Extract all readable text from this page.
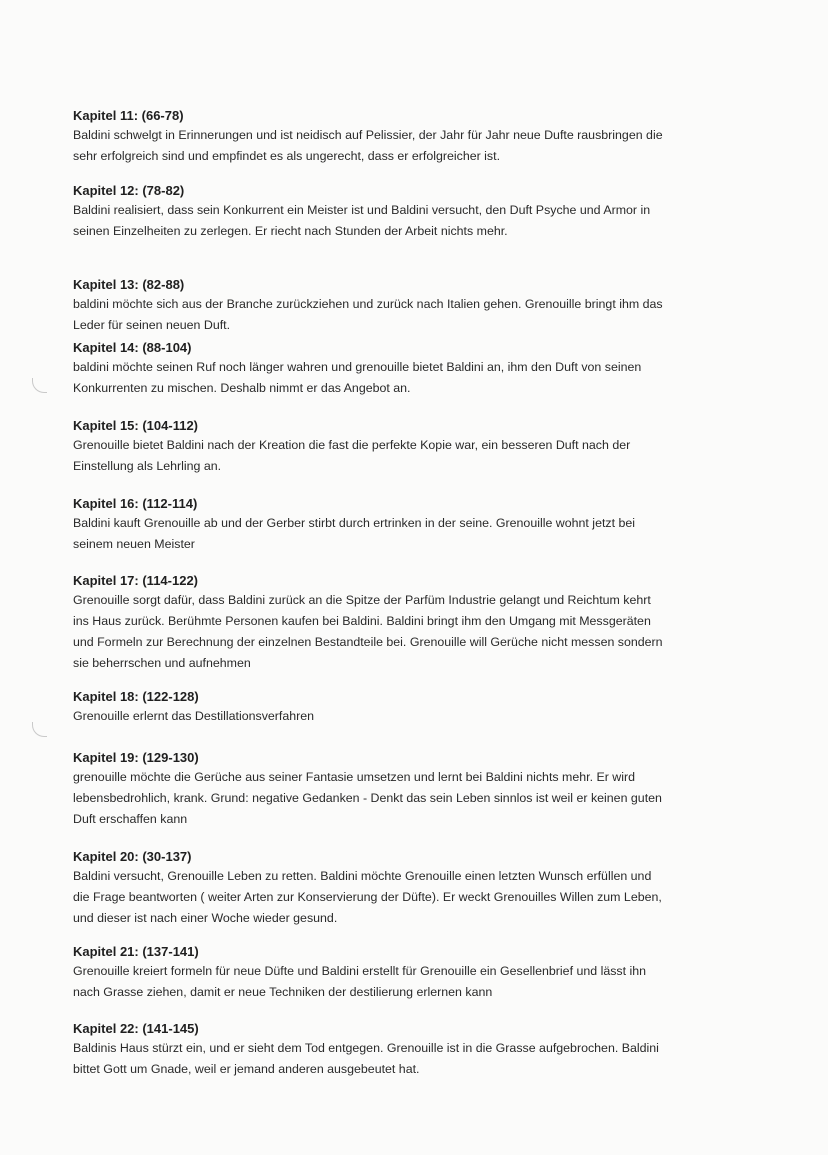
Kapitel 11: (66-78)
Baldini schwelgt in Erinnerungen und ist neidisch auf Pelissier, der Jahr für Jahr neue Dufte rausbringen die
sehr erfolgreich sind und empfindet es als ungerecht, dass er erfolgreicher ist.
Kapitel 12: (78-82)
Baldini realisiert, dass sein Konkurrent ein Meister ist und Baldini versucht, den Duft Psyche und Armor in
seinen Einzelheiten zu zerlegen. Er riecht nach Stunden der Arbeit nichts mehr.
Kapitel 13: (82-88)
baldini möchte sich aus der Branche zurückziehen und zurück nach Italien gehen. Grenouille bringt ihm das
Leder für seinen neuen Duft.
Kapitel 14: (88-104)
baldini möchte seinen Ruf noch länger wahren und grenouille bietet Baldini an, ihm den Duft von seinen
Konkurrenten zu mischen. Deshalb nimmt er das Angebot an.
Kapitel 15: (104-112)
Grenouille bietet Baldini nach der Kreation die fast die perfekte Kopie war, ein besseren Duft nach der
Einstellung als Lehrling an.
Kapitel 16: (112-114)
Baldini kauft Grenouille ab und der Gerber stirbt durch ertrinken in der seine. Grenouille wohnt jetzt bei
seinem neuen Meister
Kapitel 17: (114-122)
Grenouille sorgt dafür, dass Baldini zurück an die Spitze der Parfüm Industrie gelangt und Reichtum kehrt
ins Haus zurück. Berühmte Personen kaufen bei Baldini. Baldini bringt ihm den Umgang mit Messgeräten
und Formeln zur Berechnung der einzelnen Bestandteile bei. Grenouille will Gerüche nicht messen sondern
sie beherrschen und aufnehmen
Kapitel 18: (122-128)
Grenouille erlernt das Destillationsverfahren
Kapitel 19: (129-130)
grenouille möchte die Gerüche aus seiner Fantasie umsetzen und lernt bei Baldini nichts mehr. Er wird
lebensbedrohlich, krank. Grund: negative Gedanken - Denkt das sein Leben sinnlos ist weil er keinen guten
Duft erschaffen kann
Kapitel 20: (30-137)
Baldini versucht, Grenouille Leben zu retten. Baldini möchte Grenouille einen letzten Wunsch erfüllen und
die Frage beantworten ( weiter Arten zur Konservierung der Düfte). Er weckt Grenouilles Willen zum Leben,
und dieser ist nach einer Woche wieder gesund.
Kapitel 21: (137-141)
Grenouille kreiert formeln für neue Düfte und Baldini erstellt für Grenouille ein Gesellenbrief und lässt ihn
nach Grasse ziehen, damit er neue Techniken der destilierung erlernen kann
Kapitel 22: (141-145)
Baldinis Haus stürzt ein, und er sieht dem Tod entgegen. Grenouille ist in die Grasse aufgebrochen. Baldini
bittet Gott um Gnade, weil er jemand anderen ausgebeutet hat.
